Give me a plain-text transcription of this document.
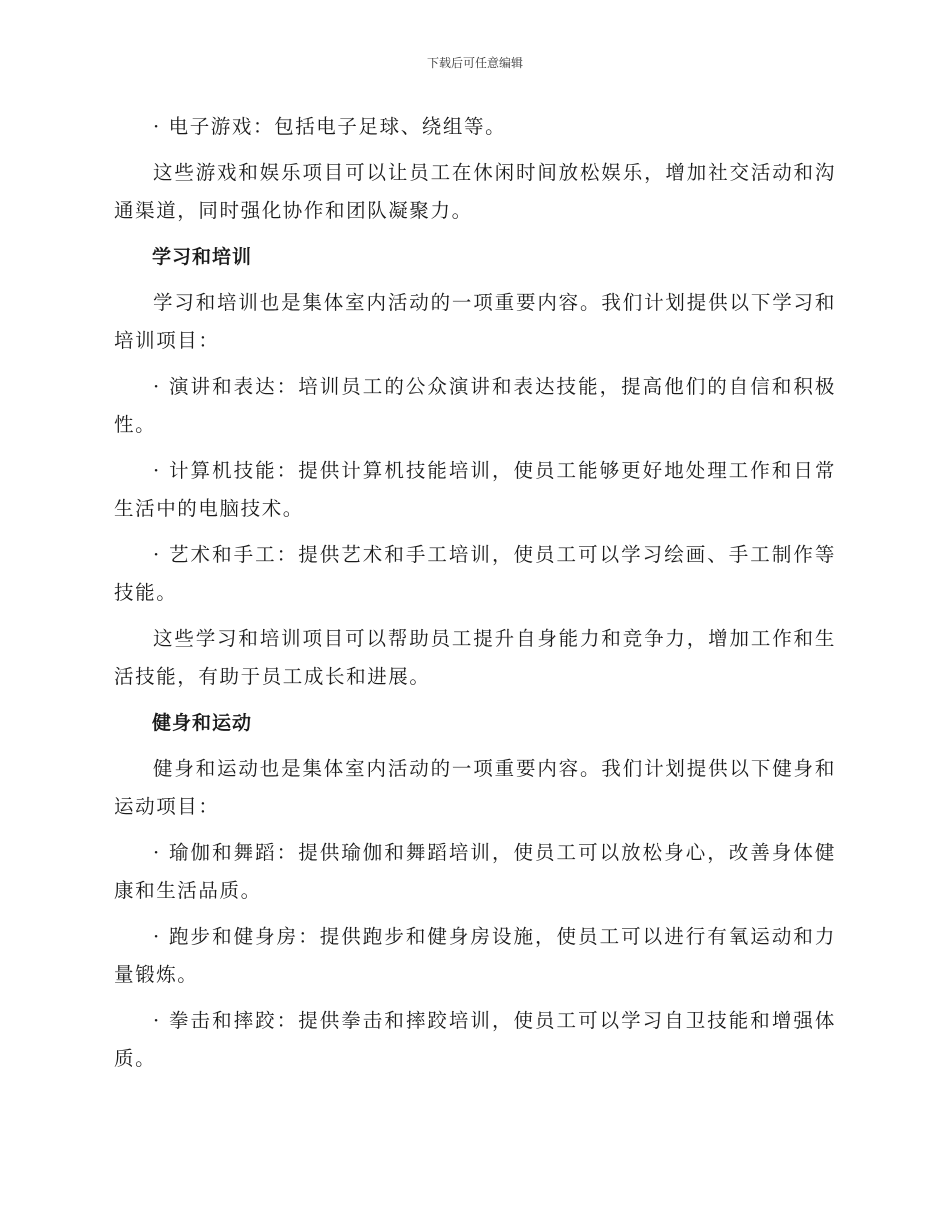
下载后可任意编辑

· 电子游戏：包括电子足球、绕组等。

这些游戏和娱乐项目可以让员工在休闲时间放松娱乐，增加社交活动和沟通渠道，同时强化协作和团队凝聚力。

学习和培训

学习和培训也是集体室内活动的一项重要内容。我们计划提供以下学习和培训项目：

· 演讲和表达：培训员工的公众演讲和表达技能，提高他们的自信和积极性。

· 计算机技能：提供计算机技能培训，使员工能够更好地处理工作和日常生活中的电脑技术。

· 艺术和手工：提供艺术和手工培训，使员工可以学习绘画、手工制作等技能。

这些学习和培训项目可以帮助员工提升自身能力和竞争力，增加工作和生活技能，有助于员工成长和进展。

健身和运动

健身和运动也是集体室内活动的一项重要内容。我们计划提供以下健身和运动项目：

· 瑜伽和舞蹈：提供瑜伽和舞蹈培训，使员工可以放松身心，改善身体健康和生活品质。

· 跑步和健身房：提供跑步和健身房设施，使员工可以进行有氧运动和力量锻炼。

· 拳击和摔跤：提供拳击和摔跤培训，使员工可以学习自卫技能和增强体质。
